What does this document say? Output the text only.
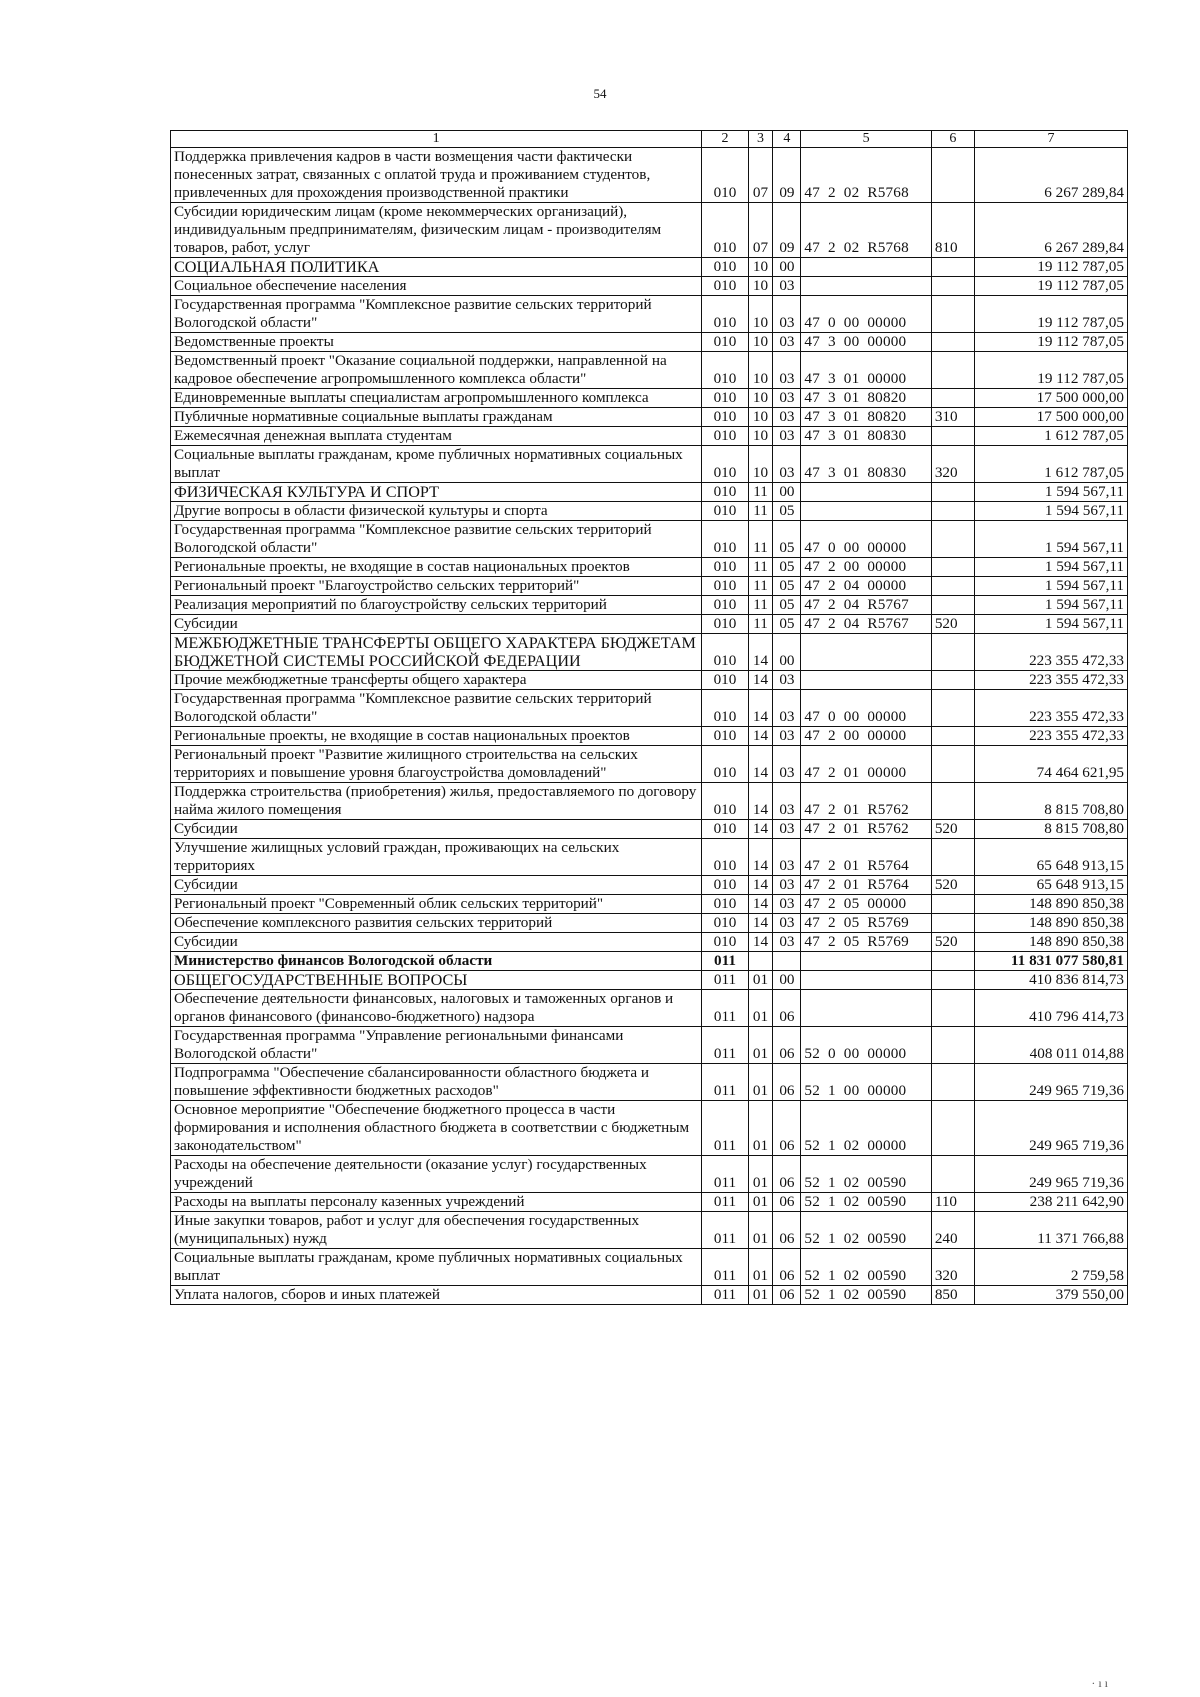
54
1	2	3	4	5	6	7
Поддержка привлечения кадров в части возмещения части фактически понесенных затрат, связанных с оплатой труда и проживанием студентов, привлеченных для прохождения производственной практики	010	07	09	47  2  02  R5768		6 267 289,84
Субсидии юридическим лицам (кроме некоммерческих организаций), индивидуальным предпринимателям, физическим лицам - производителям товаров, работ, услуг	010	07	09	47  2  02  R5768	810	6 267 289,84
СОЦИАЛЬНАЯ ПОЛИТИКА	010	10	00			19 112 787,05
Социальное обеспечение населения	010	10	03			19 112 787,05
Государственная программа "Комплексное развитие сельских территорий Вологодской области"	010	10	03	47  0  00  00000		19 112 787,05
Ведомственные проекты	010	10	03	47  3  00  00000		19 112 787,05
Ведомственный проект "Оказание социальной поддержки, направленной на кадровое обеспечение агропромышленного комплекса области"	010	10	03	47  3  01  00000		19 112 787,05
Единовременные выплаты специалистам агропромышленного комплекса	010	10	03	47  3  01  80820		17 500 000,00
Публичные нормативные социальные выплаты гражданам	010	10	03	47  3  01  80820	310	17 500 000,00
Ежемесячная денежная выплата студентам	010	10	03	47  3  01  80830		1 612 787,05
Социальные выплаты гражданам, кроме публичных нормативных социальных выплат	010	10	03	47  3  01  80830	320	1 612 787,05
ФИЗИЧЕСКАЯ КУЛЬТУРА И СПОРТ	010	11	00			1 594 567,11
Другие вопросы в области физической культуры и спорта	010	11	05			1 594 567,11
Государственная программа "Комплексное развитие сельских территорий Вологодской области"	010	11	05	47  0  00  00000		1 594 567,11
Региональные проекты, не входящие в состав национальных проектов	010	11	05	47  2  00  00000		1 594 567,11
Региональный проект "Благоустройство сельских территорий"	010	11	05	47  2  04  00000		1 594 567,11
Реализация мероприятий по благоустройству сельских территорий	010	11	05	47  2  04  R5767		1 594 567,11
Субсидии	010	11	05	47  2  04  R5767	520	1 594 567,11
МЕЖБЮДЖЕТНЫЕ ТРАНСФЕРТЫ ОБЩЕГО ХАРАКТЕРА БЮДЖЕТАМ БЮДЖЕТНОЙ СИСТЕМЫ РОССИЙСКОЙ ФЕДЕРАЦИИ	010	14	00			223 355 472,33
Прочие межбюджетные трансферты общего характера	010	14	03			223 355 472,33
Государственная программа "Комплексное развитие сельских территорий Вологодской области"	010	14	03	47  0  00  00000		223 355 472,33
Региональные проекты, не входящие в состав национальных проектов	010	14	03	47  2  00  00000		223 355 472,33
Региональный проект "Развитие жилищного строительства на сельских территориях и повышение уровня благоустройства домовладений"	010	14	03	47  2  01  00000		74 464 621,95
Поддержка строительства (приобретения) жилья, предоставляемого по договору найма жилого помещения	010	14	03	47  2  01  R5762		8 815 708,80
Субсидии	010	14	03	47  2  01  R5762	520	8 815 708,80
Улучшение жилищных условий граждан, проживающих на сельских территориях	010	14	03	47  2  01  R5764		65 648 913,15
Субсидии	010	14	03	47  2  01  R5764	520	65 648 913,15
Региональный проект "Современный облик сельских территорий"	010	14	03	47  2  05  00000		148 890 850,38
Обеспечение комплексного развития сельских территорий	010	14	03	47  2  05  R5769		148 890 850,38
Субсидии	010	14	03	47  2  05  R5769	520	148 890 850,38
Министерство финансов Вологодской области	011					11 831 077 580,81
ОБЩЕГОСУДАРСТВЕННЫЕ ВОПРОСЫ	011	01	00			410 836 814,73
Обеспечение деятельности финансовых, налоговых и таможенных органов и органов финансового (финансово-бюджетного) надзора	011	01	06			410 796 414,73
Государственная программа "Управление региональными финансами Вологодской области"	011	01	06	52  0  00  00000		408 011 014,88
Подпрограмма "Обеспечение сбалансированности областного бюджета и повышение эффективности бюджетных расходов"	011	01	06	52  1  00  00000		249 965 719,36
Основное мероприятие "Обеспечение бюджетного процесса в части формирования и исполнения областного бюджета в соответствии с бюджетным законодательством"	011	01	06	52  1  02  00000		249 965 719,36
Расходы на обеспечение деятельности (оказание услуг) государственных учреждений	011	01	06	52  1  02  00590		249 965 719,36
Расходы на выплаты персоналу казенных учреждений	011	01	06	52  1  02  00590	110	238 211 642,90
Иные закупки товаров, работ и услуг для обеспечения государственных (муниципальных) нужд	011	01	06	52  1  02  00590	240	11 371 766,88
Социальные выплаты гражданам, кроме публичных нормативных социальных выплат	011	01	06	52  1  02  00590	320	2 759,58
Уплата налогов, сборов и иных платежей	011	01	06	52  1  02  00590	850	379 550,00
· ı ı
